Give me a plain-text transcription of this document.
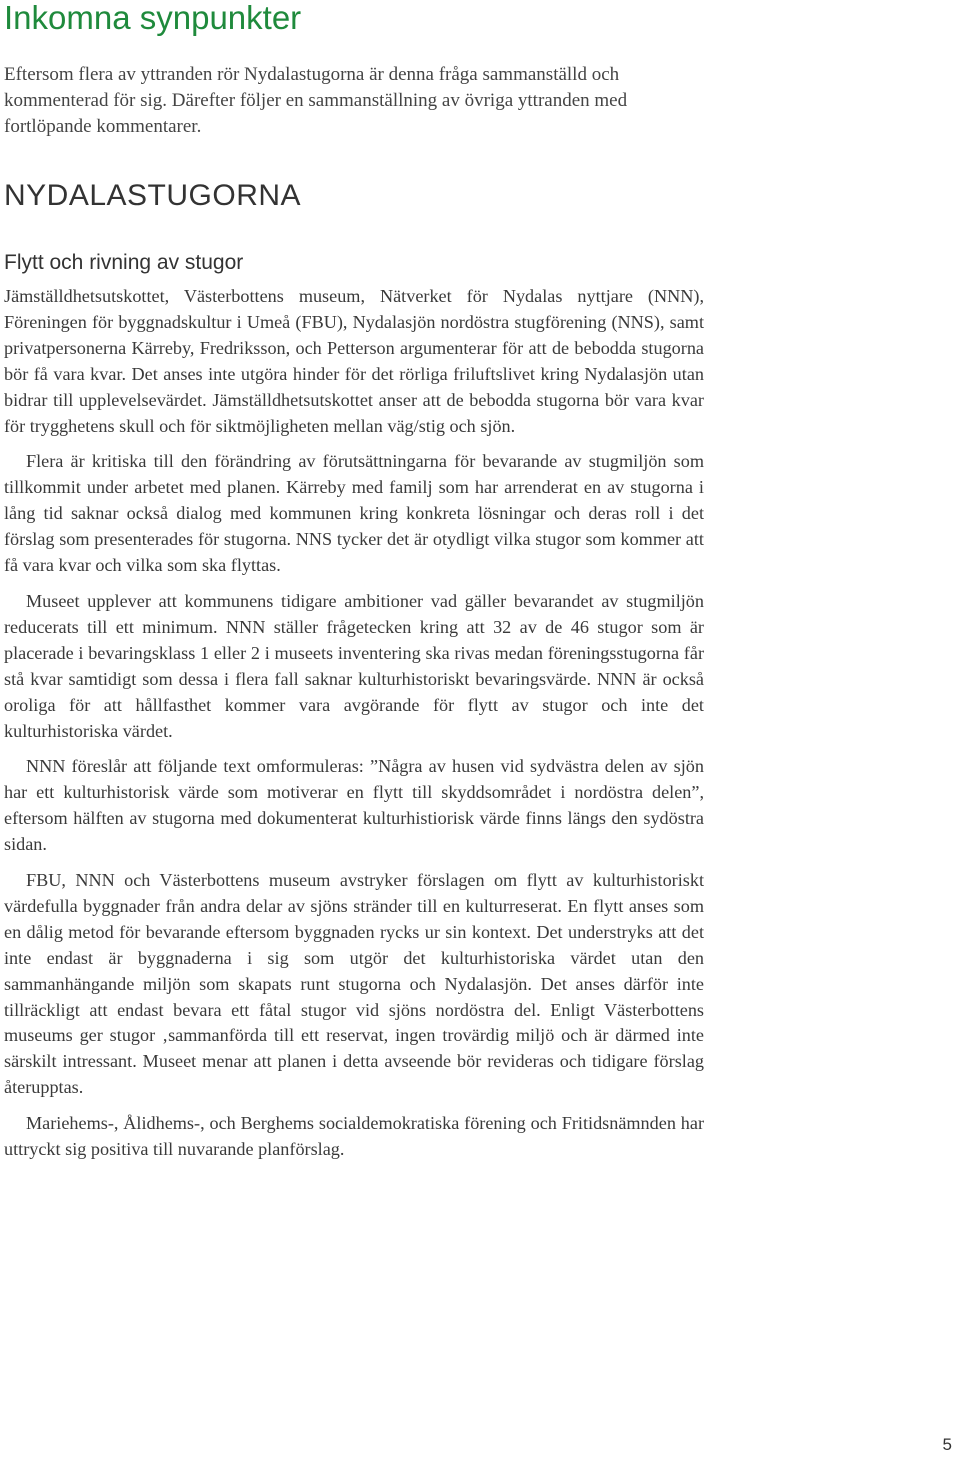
Inkomna synpunkter

Eftersom flera av yttranden rör Nydalastugorna är denna fråga sammanställd och kommenterad för sig. Därefter följer en sammanställning av övriga yttranden med fortlöpande kommentarer.

NYDALASTUGORNA
Flytt och rivning av stugor

Jämställdhetsutskottet, Västerbottens museum, Nätverket för Nydalas nyttjare (NNN), Föreningen för byggnadskultur i Umeå (FBU), Nydalasjön nordöstra stugförening (NNS), samt privatpersonerna Kärreby, Fredriksson, och Petterson argumenterar för att de bebodda stugorna bör få vara kvar. Det anses inte utgöra hinder för det rörliga friluftslivet kring Nydalasjön utan bidrar till upplevelsevärdet. Jämställdhetsutskottet anser att de bebodda stugorna bör vara kvar för trygghetens skull och för siktmöjligheten mellan väg/stig och sjön.

Flera är kritiska till den förändring av förutsättningarna för bevarande av stugmiljön som tillkommit under arbetet med planen. Kärreby med familj som har arrenderat en av stugorna i lång tid saknar också dialog med kommunen kring konkreta lösningar och deras roll i det förslag som presenterades för stugorna. NNS tycker det är otydligt vilka stugor som kommer att få vara kvar och vilka som ska flyttas.

Museet upplever att kommunens tidigare ambitioner vad gäller bevarandet av stugmiljön reducerats till ett minimum. NNN ställer frågetecken kring att 32 av de 46 stugor som är placerade i bevaringsklass 1 eller 2 i museets inventering ska rivas medan föreningsstugorna får stå kvar samtidigt som dessa i flera fall saknar kulturhistoriskt bevaringsvärde. NNN är också oroliga för att hållfasthet kommer vara avgörande för flytt av stugor och inte det kulturhistoriska värdet.

NNN föreslår att följande text omformuleras: ”Några av husen vid sydvästra delen av sjön har ett kulturhistorisk värde som motiverar en flytt till skyddsområdet i nordöstra delen”, eftersom hälften av stugorna med dokumenterat kulturhistiorisk värde finns längs den sydöstra sidan.

FBU, NNN och Västerbottens museum avstryker förslagen om flytt av kulturhistoriskt värdefulla byggnader från andra delar av sjöns stränder till en kulturreserat. En flytt anses som en dålig metod för bevarande eftersom byggnaden rycks ur sin kontext. Det understryks att det inte endast är byggnaderna i sig som utgör det kulturhistoriska värdet utan den sammanhängande miljön som skapats runt stugorna och Nydalasjön. Det anses därför inte tillräckligt att endast bevara ett fåtal stugor vid sjöns nordöstra del. Enligt Västerbottens museums ger stugor ‚sammanförda till ett reservat, ingen trovärdig miljö och är därmed inte särskilt intressant. Museet menar att planen i detta avseende bör revideras och tidigare förslag återupptas.

Mariehems-, Ålidhems-, och Berghems socialdemokratiska förening och Fritidsnämnden har uttryckt sig positiva till nuvarande planförslag.

5
